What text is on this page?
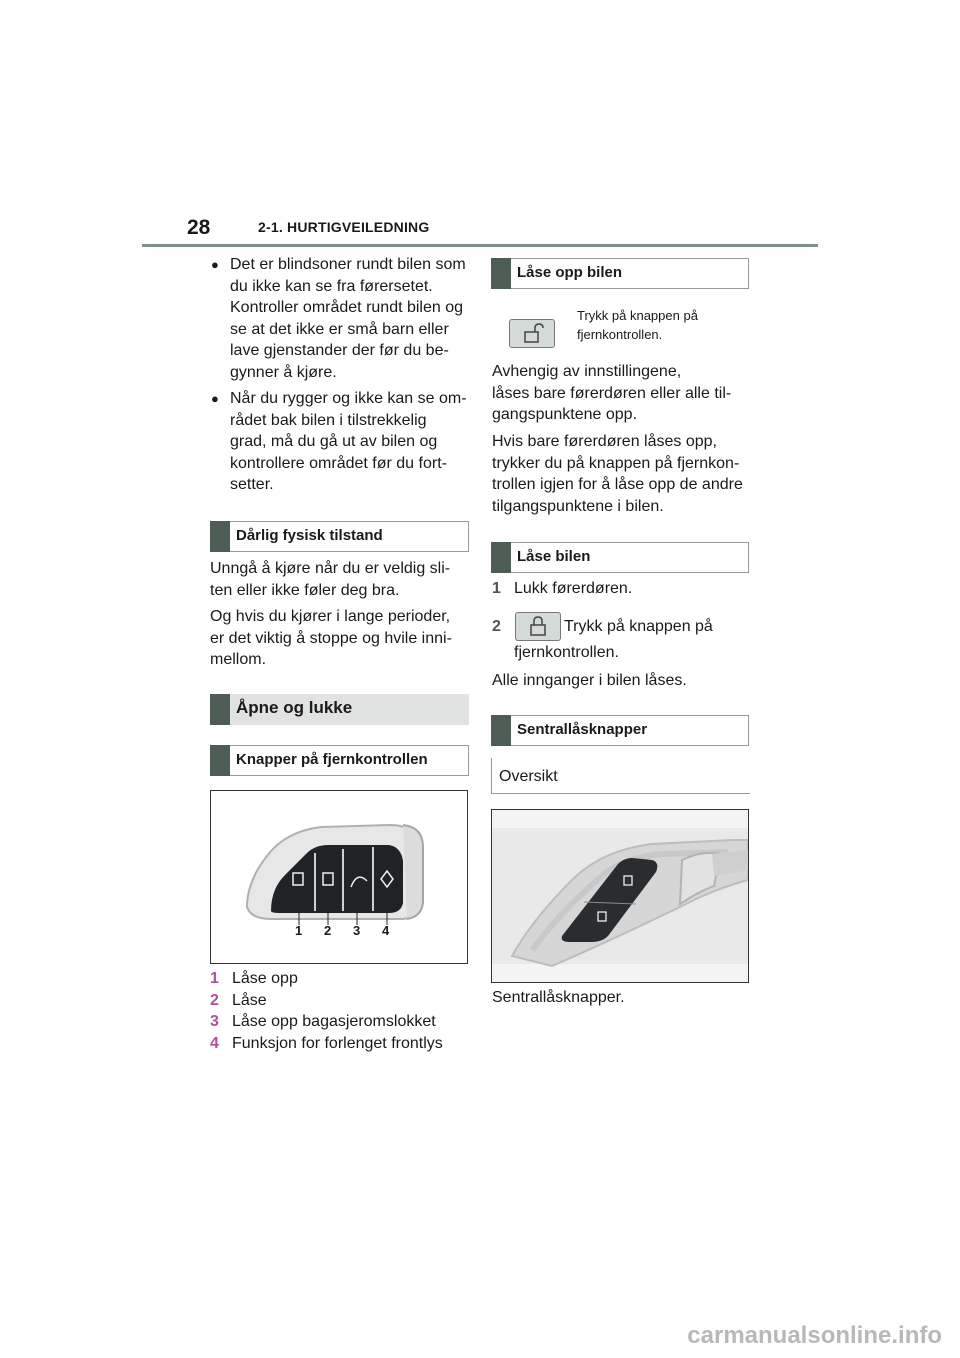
28	2-1. HURTIGVEILEDNING
● Det er blindsoner rundt bilen som
du ikke kan se fra førersetet.
Kontroller området rundt bilen og
se at det ikke er små barn eller
lave gjenstander der før du be-
gynner å kjøre.
● Når du rygger og ikke kan se om-
rådet bak bilen i tilstrekkelig
grad, må du gå ut av bilen og
kontrollere området før du fort-
setter.
Dårlig fysisk tilstand
Unngå å kjøre når du er veldig sli-
ten eller ikke føler deg bra.
Og hvis du kjører i lange perioder,
er det viktig å stoppe og hvile inni-
mellom.
Åpne og lukke
Knapper på fjernkontrollen
1 2 3 4
1 Låse opp
2 Låse
3 Låse opp bagasjeromslokket
4 Funksjon for forlenget frontlys
Låse opp bilen
Trykk på knappen på
fjernkontrollen.
Avhengig av innstillingene,
låses bare førerdøren eller alle til-
gangspunktene opp.
Hvis bare førerdøren låses opp,
trykker du på knappen på fjernkon-
trollen igjen for å låse opp de andre
tilgangspunktene i bilen.
Låse bilen
1 Lukk førerdøren.
2	Trykk på knappen på
fjernkontrollen.
Alle innganger i bilen låses.
Sentrallåsknapper
Oversikt
Sentrallåsknapper.
carmanualsonline.info
